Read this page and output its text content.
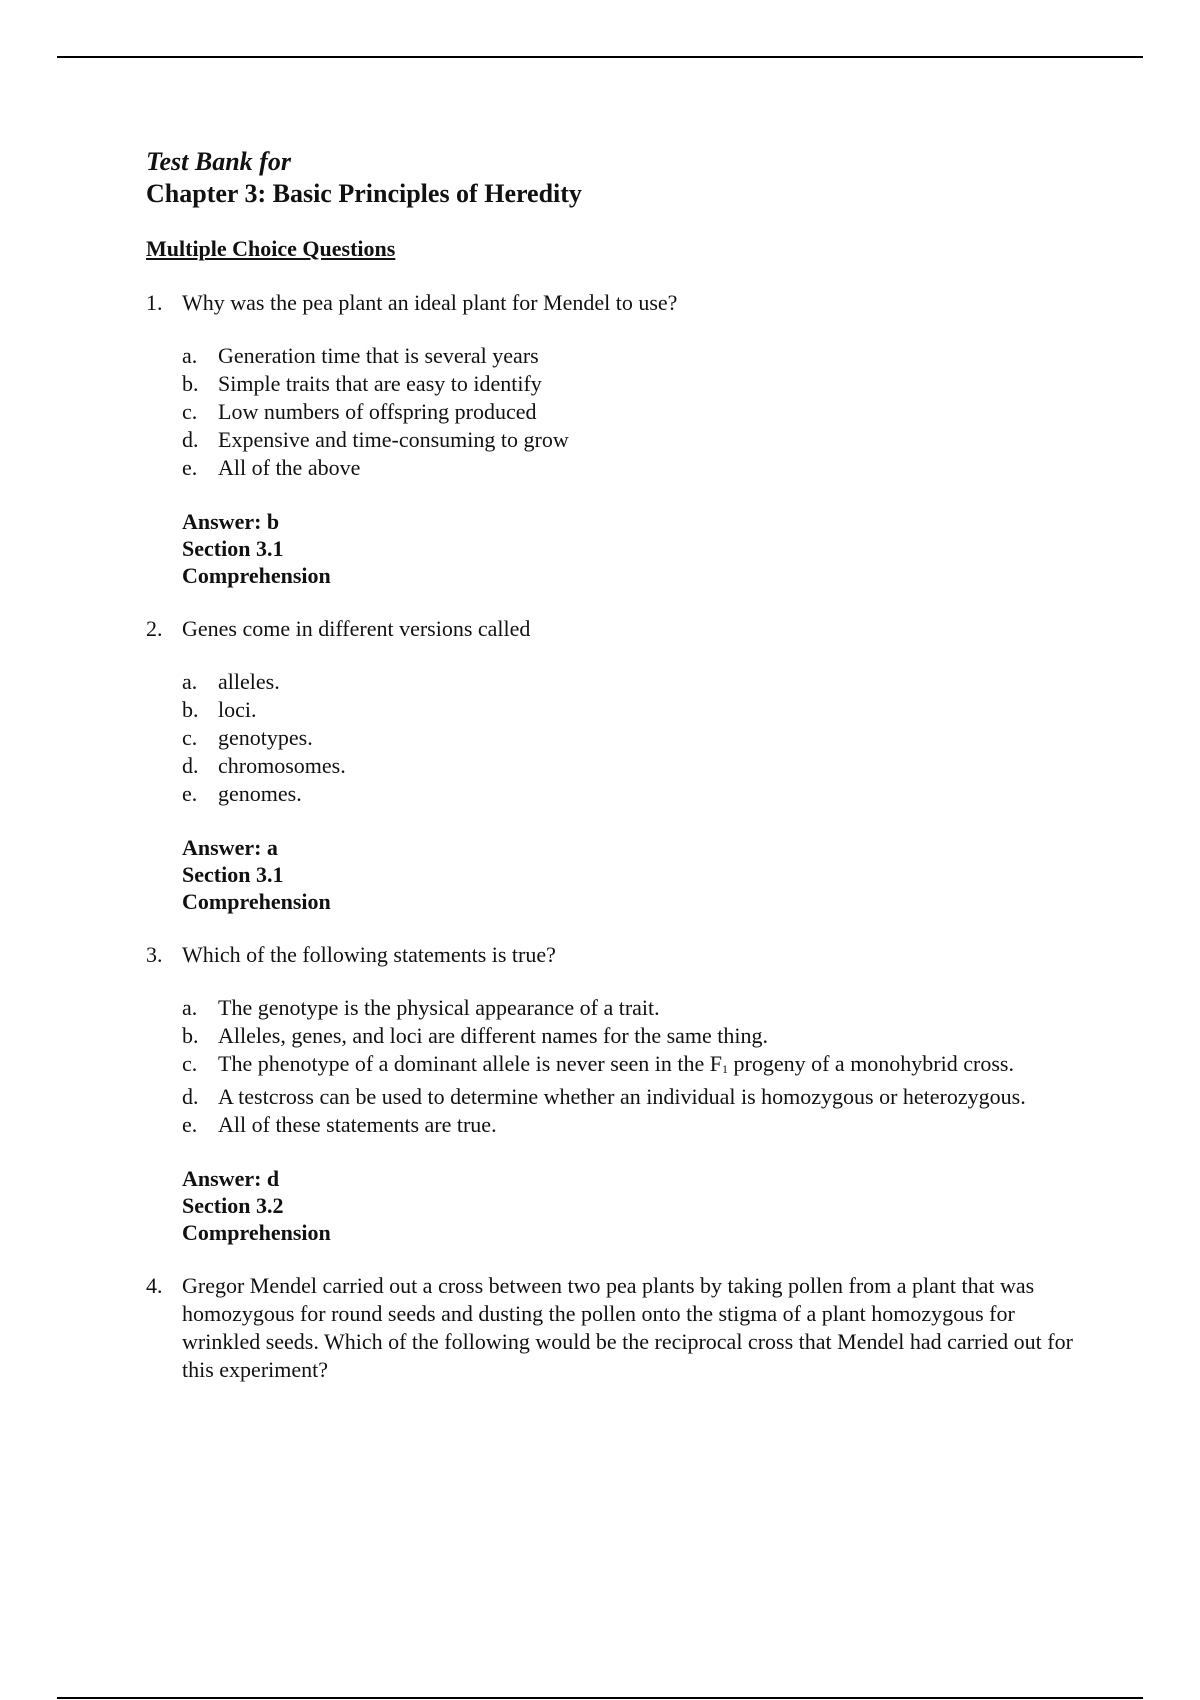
Test Bank for
Chapter 3: Basic Principles of Heredity
Multiple Choice Questions
1. Why was the pea plant an ideal plant for Mendel to use?
a. Generation time that is several years
b. Simple traits that are easy to identify
c. Low numbers of offspring produced
d. Expensive and time-consuming to grow
e. All of the above
Answer: b
Section 3.1
Comprehension
2. Genes come in different versions called
a. alleles.
b. loci.
c. genotypes.
d. chromosomes.
e. genomes.
Answer: a
Section 3.1
Comprehension
3. Which of the following statements is true?
a. The genotype is the physical appearance of a trait.
b. Alleles, genes, and loci are different names for the same thing.
c. The phenotype of a dominant allele is never seen in the $F_1$ progeny of a monohybrid cross.
d. A testcross can be used to determine whether an individual is homozygous or heterozygous.
e. All of these statements are true.
Answer: d
Section 3.2
Comprehension
4. Gregor Mendel carried out a cross between two pea plants by taking pollen from a plant that was homozygous for round seeds and dusting the pollen onto the stigma of a plant homozygous for wrinkled seeds. Which of the following would be the reciprocal cross that Mendel had carried out for this experiment?
